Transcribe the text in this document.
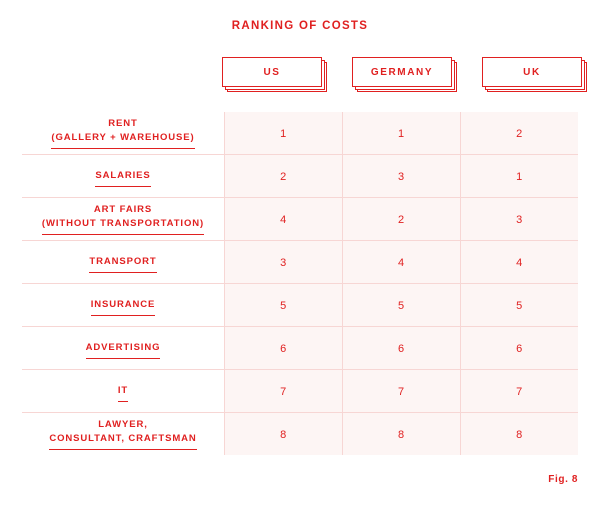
RANKING OF COSTS
US	GERMANY	UK
RENT
(GALLERY + WAREHOUSE)	1	1	2
SALARIES	2	3	1
ART FAIRS
(WITHOUT TRANSPORTATION)	4	2	3
TRANSPORT	3	4	4
INSURANCE	5	5	5
ADVERTISING	6	6	6
IT	7	7	7
LAWYER,
CONSULTANT, CRAFTSMAN	8	8	8
Fig. 8
